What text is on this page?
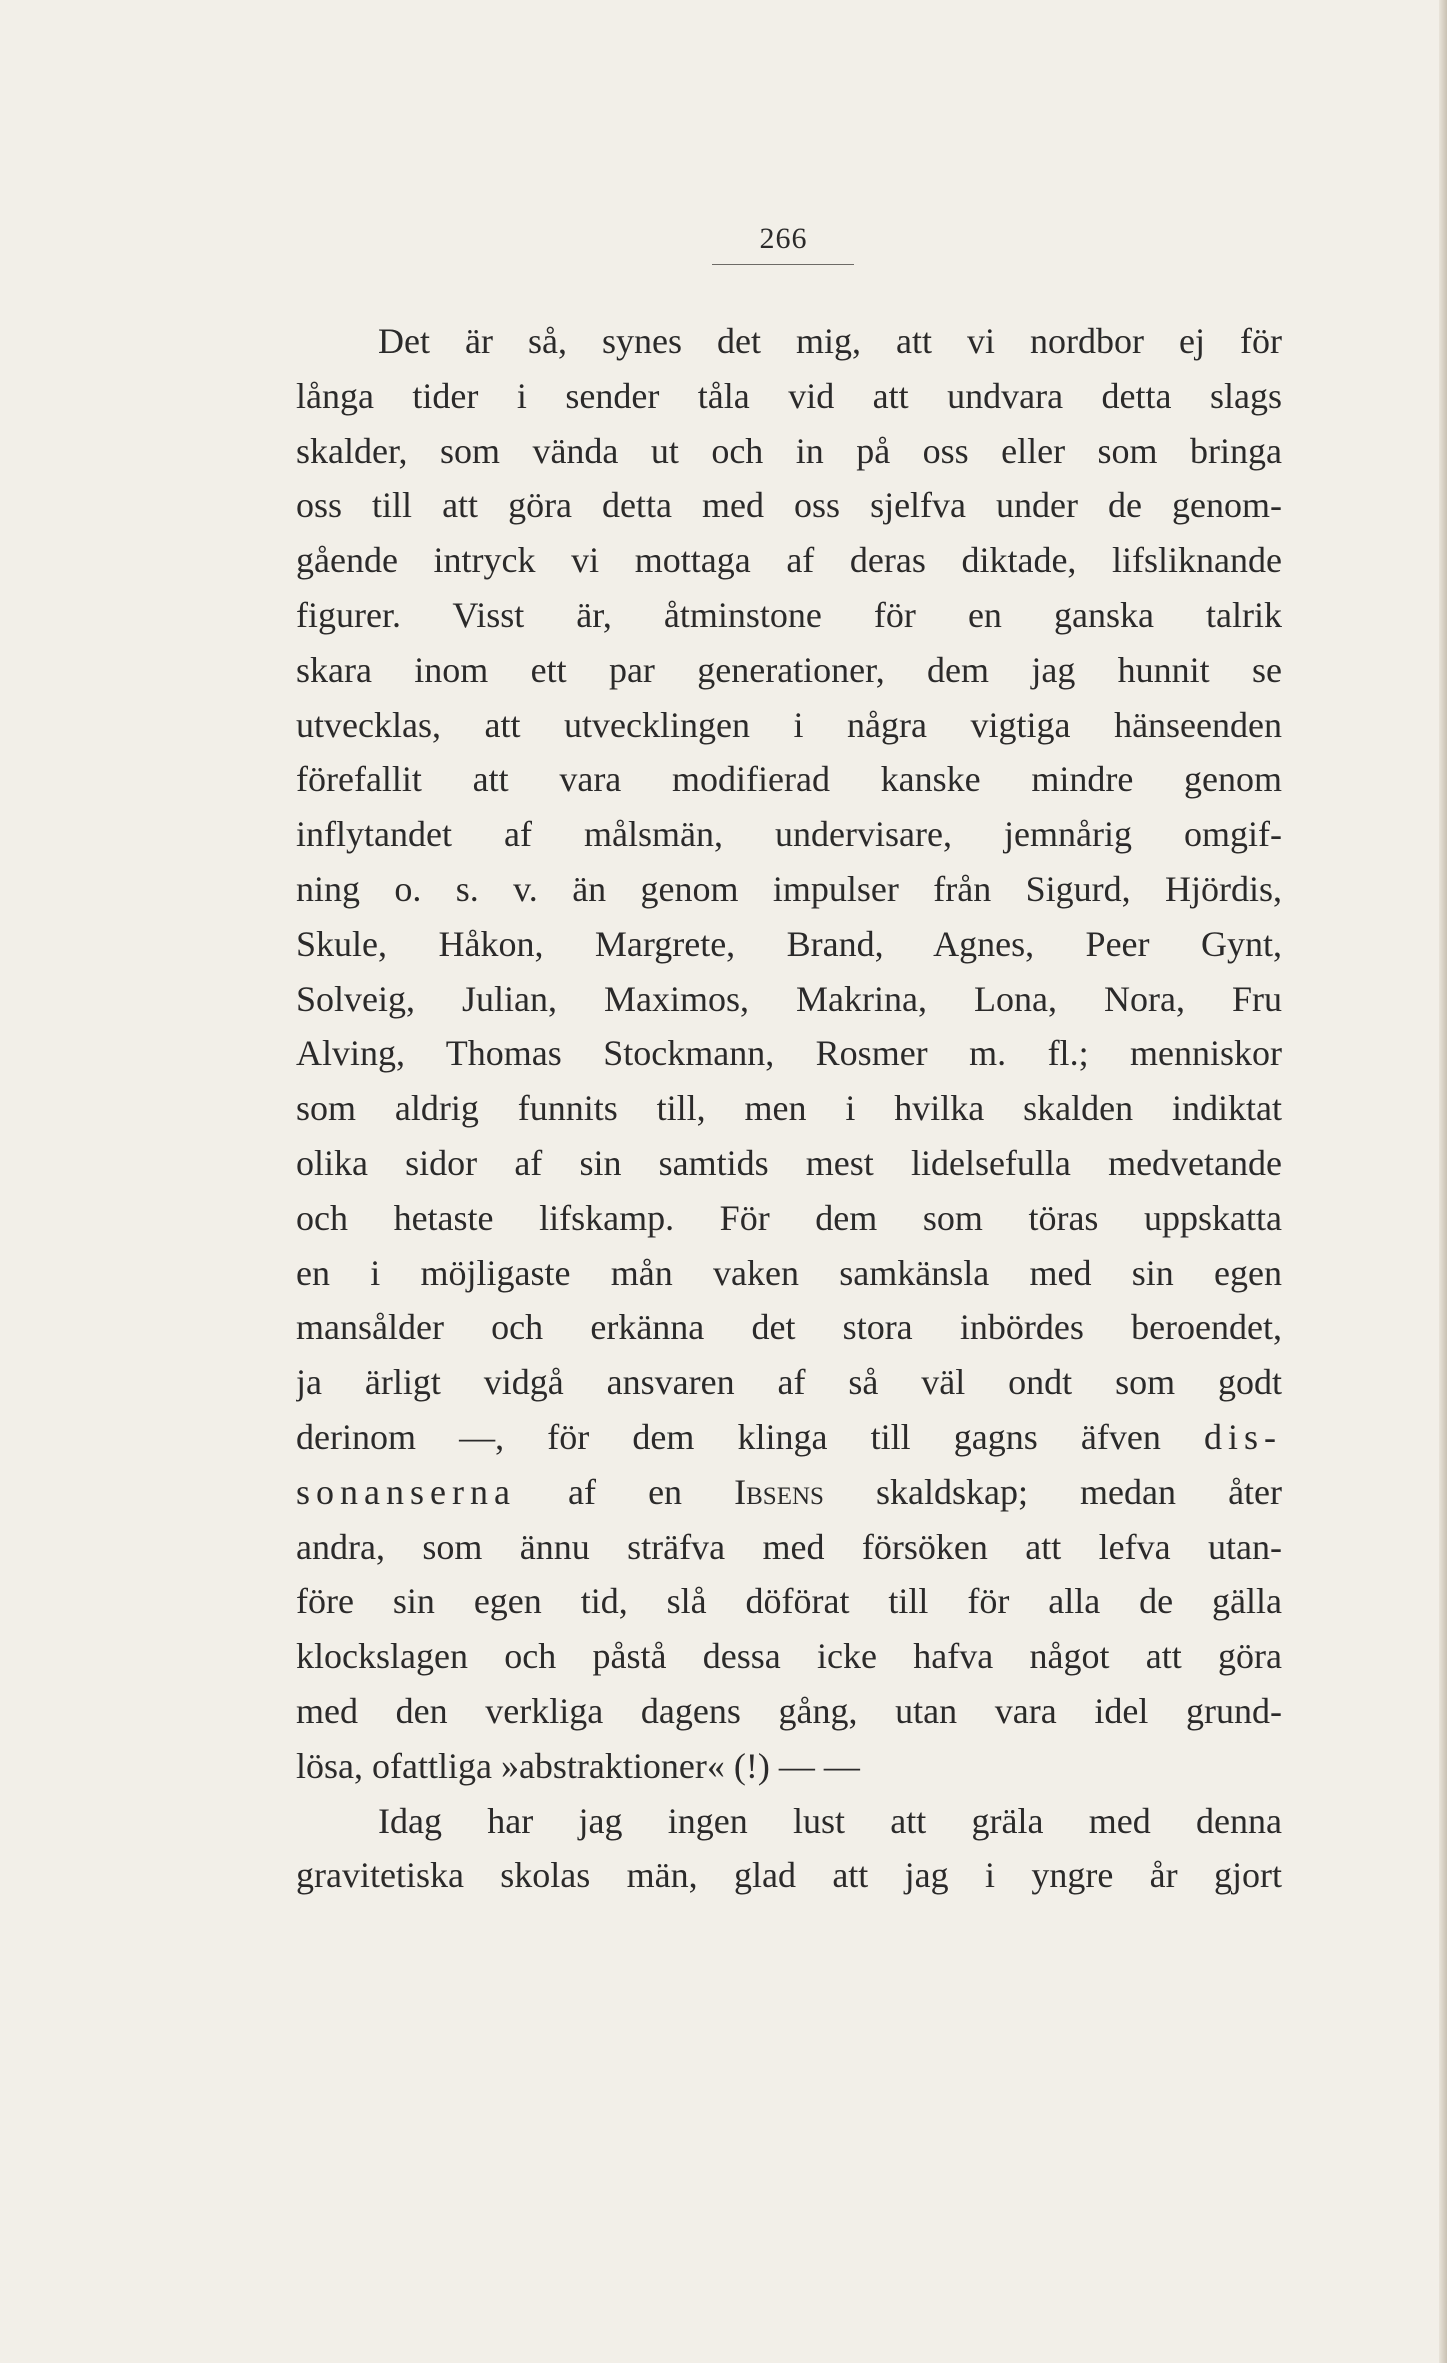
266
Det är så, synes det mig, att vi nordbor ej för
långa tider i sender tåla vid att undvara detta slags
skalder, som vända ut och in på oss eller som bringa
oss till att göra detta med oss sjelfva under de genom-
gående intryck vi mottaga af deras diktade, lifsliknande
figurer. Visst är, åtminstone för en ganska talrik
skara inom ett par generationer, dem jag hunnit se
utvecklas, att utvecklingen i några vigtiga hänseenden
förefallit att vara modifierad kanske mindre genom
inflytandet af målsmän, undervisare, jemnårig omgif-
ning o. s. v. än genom impulser från Sigurd, Hjördis,
Skule, Håkon, Margrete, Brand, Agnes, Peer Gynt,
Solveig, Julian, Maximos, Makrina, Lona, Nora, Fru
Alving, Thomas Stockmann, Rosmer m. fl.; menniskor
som aldrig funnits till, men i hvilka skalden indiktat
olika sidor af sin samtids mest lidelsefulla medvetande
och hetaste lifskamp. För dem som töras uppskatta
en i möjligaste mån vaken samkänsla med sin egen
mansålder och erkänna det stora inbördes beroendet,
ja ärligt vidgå ansvaren af så väl ondt som godt
derinom —, för dem klinga till gagns äfven dis-
sonanserna af en Ibsens skaldskap; medan åter
andra, som ännu sträfva med försöken att lefva utan-
före sin egen tid, slå döförat till för alla de gälla
klockslagen och påstå dessa icke hafva något att göra
med den verkliga dagens gång, utan vara idel grund-
lösa, ofattliga »abstraktioner« (!) — —
Idag har jag ingen lust att gräla med denna
gravitetiska skolas män, glad att jag i yngre år gjort
